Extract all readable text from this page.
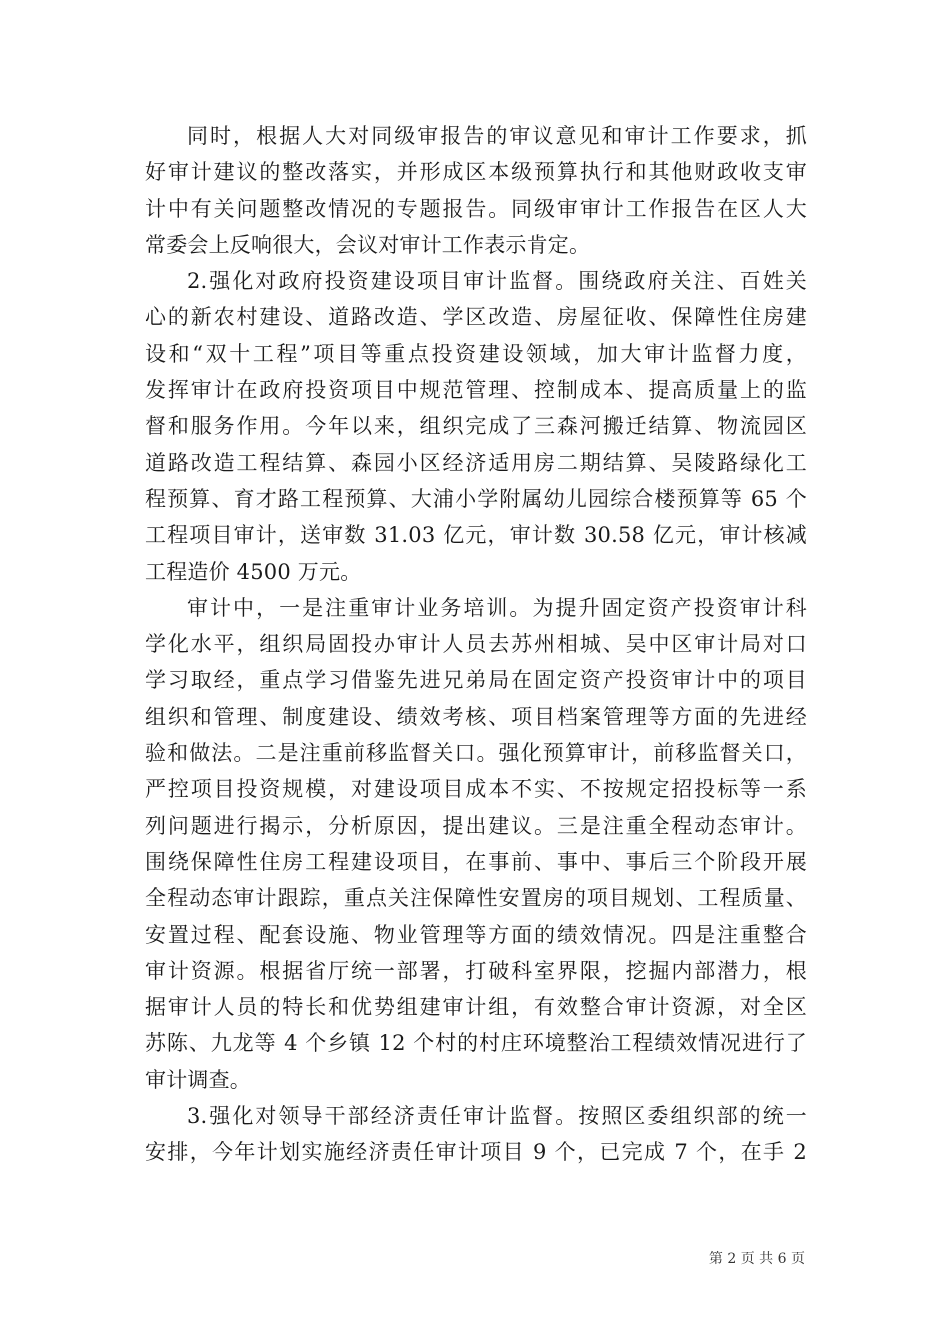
同时，根据人大对同级审报告的审议意见和审计工作要求，抓
好审计建议的整改落实，并形成区本级预算执行和其他财政收支审
计中有关问题整改情况的专题报告。同级审审计工作报告在区人大
常委会上反响很大，会议对审计工作表示肯定。
2.强化对政府投资建设项目审计监督。围绕政府关注、百姓关
心的新农村建设、道路改造、学区改造、房屋征收、保障性住房建
设和“双十工程”项目等重点投资建设领域，加大审计监督力度，
发挥审计在政府投资项目中规范管理、控制成本、提高质量上的监
督和服务作用。今年以来，组织完成了三森河搬迁结算、物流园区
道路改造工程结算、森园小区经济适用房二期结算、吴陵路绿化工
程预算、育才路工程预算、大浦小学附属幼儿园综合楼预算等 65 个
工程项目审计，送审数 31.03 亿元，审计数 30.58 亿元，审计核减
工程造价 4500 万元。
审计中，一是注重审计业务培训。为提升固定资产投资审计科
学化水平，组织局固投办审计人员去苏州相城、吴中区审计局对口
学习取经，重点学习借鉴先进兄弟局在固定资产投资审计中的项目
组织和管理、制度建设、绩效考核、项目档案管理等方面的先进经
验和做法。二是注重前移监督关口。强化预算审计，前移监督关口，
严控项目投资规模，对建设项目成本不实、不按规定招投标等一系
列问题进行揭示，分析原因，提出建议。三是注重全程动态审计。
围绕保障性住房工程建设项目，在事前、事中、事后三个阶段开展
全程动态审计跟踪，重点关注保障性安置房的项目规划、工程质量、
安置过程、配套设施、物业管理等方面的绩效情况。四是注重整合
审计资源。根据省厅统一部署，打破科室界限，挖掘内部潜力，根
据审计人员的特长和优势组建审计组，有效整合审计资源，对全区
苏陈、九龙等 4 个乡镇 12 个村的村庄环境整治工程绩效情况进行了
审计调查。
3.强化对领导干部经济责任审计监督。按照区委组织部的统一
安排，今年计划实施经济责任审计项目 9 个，已完成 7 个，在手 2
第 2 页 共 6 页
